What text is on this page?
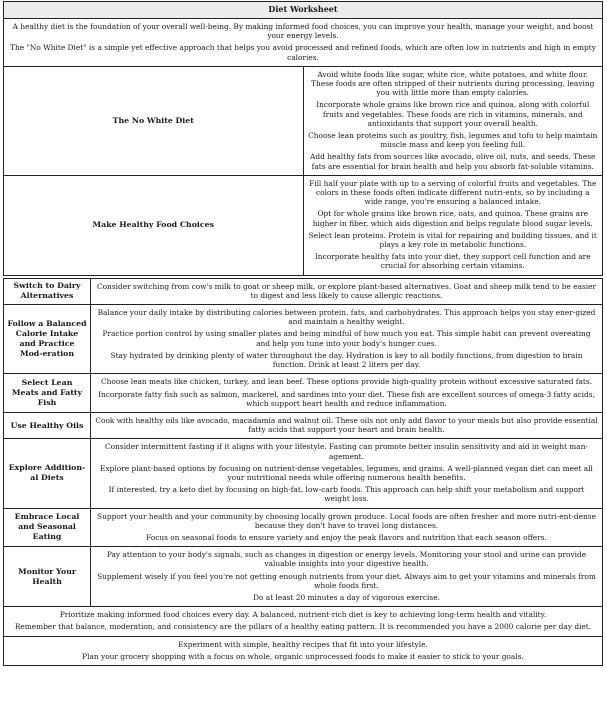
Diet Worksheet	

A healthy diet is the foundation of your overall well-being. By making informed food choices, you can improve your health, manage your weight, and boost your energy levels.

The "No White Diet" is a simple yet effective approach that helps you avoid processed and refined foods, which are often low in nutrients and high in empty calories.	

The No White Diet	Avoid white foods like sugar, white rice, white potatoes, and white flour. These foods are often stripped of their nutrients during processing, leaving you with little more than empty calories.

Incorporate whole grains like brown rice and quinoa, along with colorful fruits and vegetables. These foods are rich in vitamins, minerals, and antioxidants that support your overall health.

Choose lean proteins such as poultry, fish, legumes and tofu to help maintain muscle mass and keep you feeling full.

Add healthy fats from sources like avocado, olive oil, nuts, and seeds. These fats are essential for brain health and help you absorb fat-soluble vitamins.

Make Healthy Food Choices	Fill half your plate with up to a serving of colorful fruits and vegetables. The colors in these foods often indicate different nutri-ents, so by including a wide range, you're ensuring a balanced intake.

Opt for whole grains like brown rice, oats, and quinoa. These grains are higher in fiber, which aids digestion and helps regulate blood sugar levels.

Select lean proteins. Protein is vital for repairing and building tissues, and it plays a key role in metabolic functions.

Incorporate healthy fats into your diet, they support cell function and are crucial for absorbing certain vitamins.

Switch to Dairy Alternatives	Consider switching from cow's milk to goat or sheep milk, or explore plant-based alternatives. Goat and sheep milk tend to be easier to digest and less likely to cause allergic reactions.

Follow a Balanced Calorie Intake and Practice Mod-eration	Balance your daily intake by distributing calories between protein, fats, and carbohydrates. This approach helps you stay ener-gized and maintain a healthy weight.

Practice portion control by using smaller plates and being mindful of how much you eat. This simple habit can prevent overeating and help you tune into your body's hunger cues.

Stay hydrated by drinking plenty of water throughout the day. Hydration is key to all bodily functions, from digestion to brain function. Drink at least 2 liters per day.

Select Lean Meats and Fatty Fish	Choose lean meats like chicken, turkey, and lean beef. These options provide high-quality protein without excessive saturated fats.

Incorporate fatty fish such as salmon, mackerel, and sardines into your diet. These fish are excellent sources of omega-3 fatty acids, which support heart health and reduce inflammation.

Use Healthy Oils	Cook with healthy oils like avocado, macadamia and walnut oil. These oils not only add flavor to your meals but also provide essential fatty acids that support your heart and brain health.

Explore Addition-al Diets	Consider intermittent fasting if it aligns with your lifestyle. Fasting can promote better insulin sensitivity and aid in weight man-agement.

Explore plant-based options by focusing on nutrient-dense vegetables, legumes, and grains. A well-planned vegan diet can meet all your nutritional needs while offering numerous health benefits.

If interested, try a keto diet by focusing on high-fat, low-carb foods. This approach can help shift your metabolism and support weight loss.

Embrace Local and Seasonal Eating	Support your health and your community by choosing locally grown produce. Local foods are often fresher and more nutri-ent-dense because they don't have to travel long distances.

Focus on seasonal foods to ensure variety and enjoy the peak flavors and nutrition that each season offers.

Monitor Your Health	Pay attention to your body's signals, such as changes in digestion or energy levels. Monitoring your stool and urine can provide valuable insights into your digestive health.

Supplement wisely if you feel you're not getting enough nutrients from your diet. Always aim to get your vitamins and minerals from whole foods first.

Do at least 20 minutes a day of vigorous exercise.

Prioritize making informed food choices every day. A balanced, nutrient-rich diet is key to achieving long-term health and vitality.

Remember that balance, moderation, and consistency are the pillars of a healthy eating pattern. It is recommended you have a 2000 calorie per day diet.	

Experiment with simple, healthy recipes that fit into your lifestyle.

Plan your grocery shopping with a focus on whole, organic unprocessed foods to make it easier to stick to your goals.	
